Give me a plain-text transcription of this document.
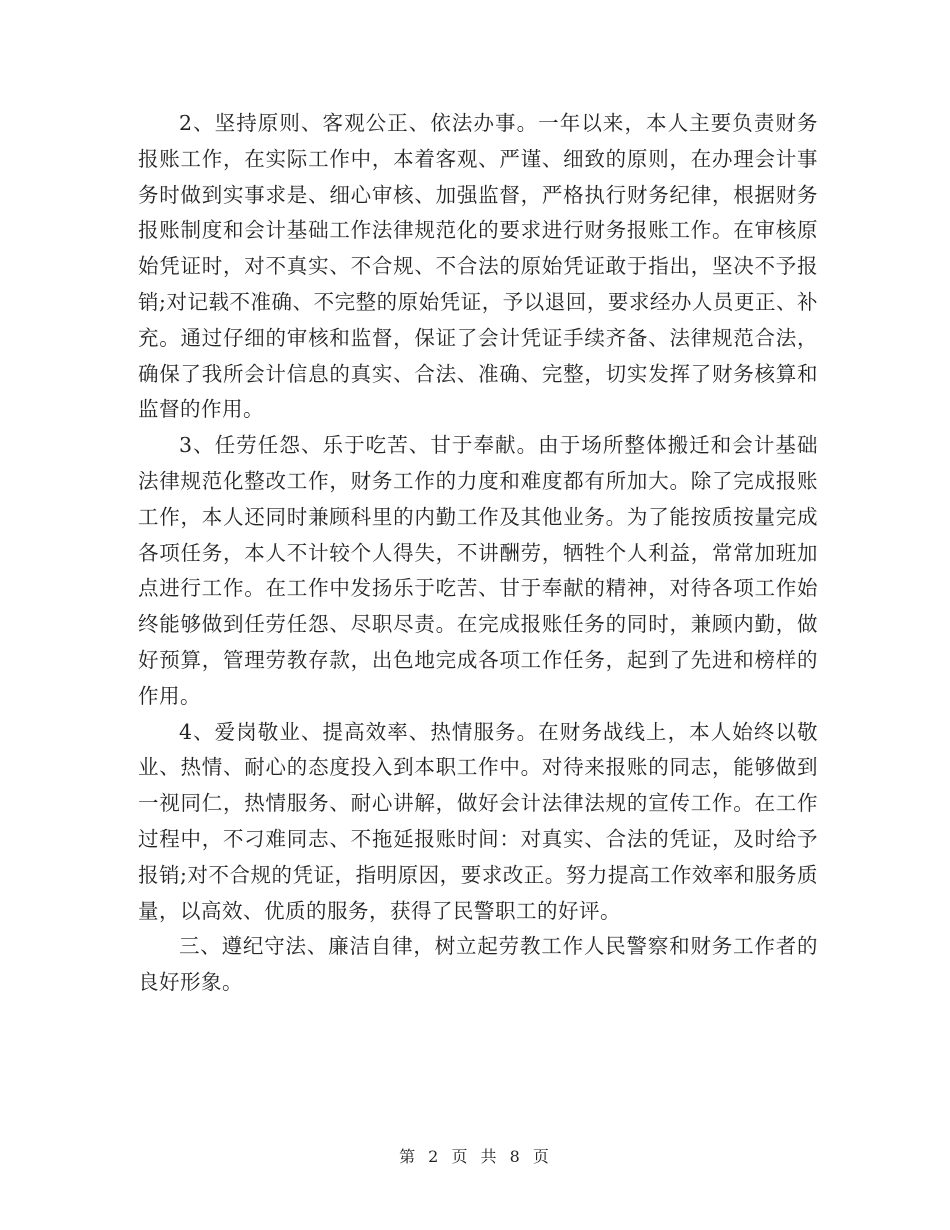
2、坚持原则、客观公正、依法办事。一年以来，本人主要负责财务报账工作，在实际工作中，本着客观、严谨、细致的原则，在办理会计事务时做到实事求是、细心审核、加强监督，严格执行财务纪律，根据财务报账制度和会计基础工作法律规范化的要求进行财务报账工作。在审核原始凭证时，对不真实、不合规、不合法的原始凭证敢于指出，坚决不予报销;对记载不准确、不完整的原始凭证，予以退回，要求经办人员更正、补充。通过仔细的审核和监督，保证了会计凭证手续齐备、法律规范合法，确保了我所会计信息的真实、合法、准确、完整，切实发挥了财务核算和监督的作用。

3、任劳任怨、乐于吃苦、甘于奉献。由于场所整体搬迁和会计基础法律规范化整改工作，财务工作的力度和难度都有所加大。除了完成报账工作，本人还同时兼顾科里的内勤工作及其他业务。为了能按质按量完成各项任务，本人不计较个人得失，不讲酬劳，牺牲个人利益，常常加班加点进行工作。在工作中发扬乐于吃苦、甘于奉献的精神，对待各项工作始终能够做到任劳任怨、尽职尽责。在完成报账任务的同时，兼顾内勤，做好预算，管理劳教存款，出色地完成各项工作任务，起到了先进和榜样的作用。

4、爱岗敬业、提高效率、热情服务。在财务战线上，本人始终以敬业、热情、耐心的态度投入到本职工作中。对待来报账的同志，能够做到一视同仁，热情服务、耐心讲解，做好会计法律法规的宣传工作。在工作过程中，不刁难同志、不拖延报账时间：对真实、合法的凭证，及时给予报销;对不合规的凭证，指明原因，要求改正。努力提高工作效率和服务质量，以高效、优质的服务，获得了民警职工的好评。

三、遵纪守法、廉洁自律，树立起劳教工作人民警察和财务工作者的良好形象。

第 2 页 共 8 页
